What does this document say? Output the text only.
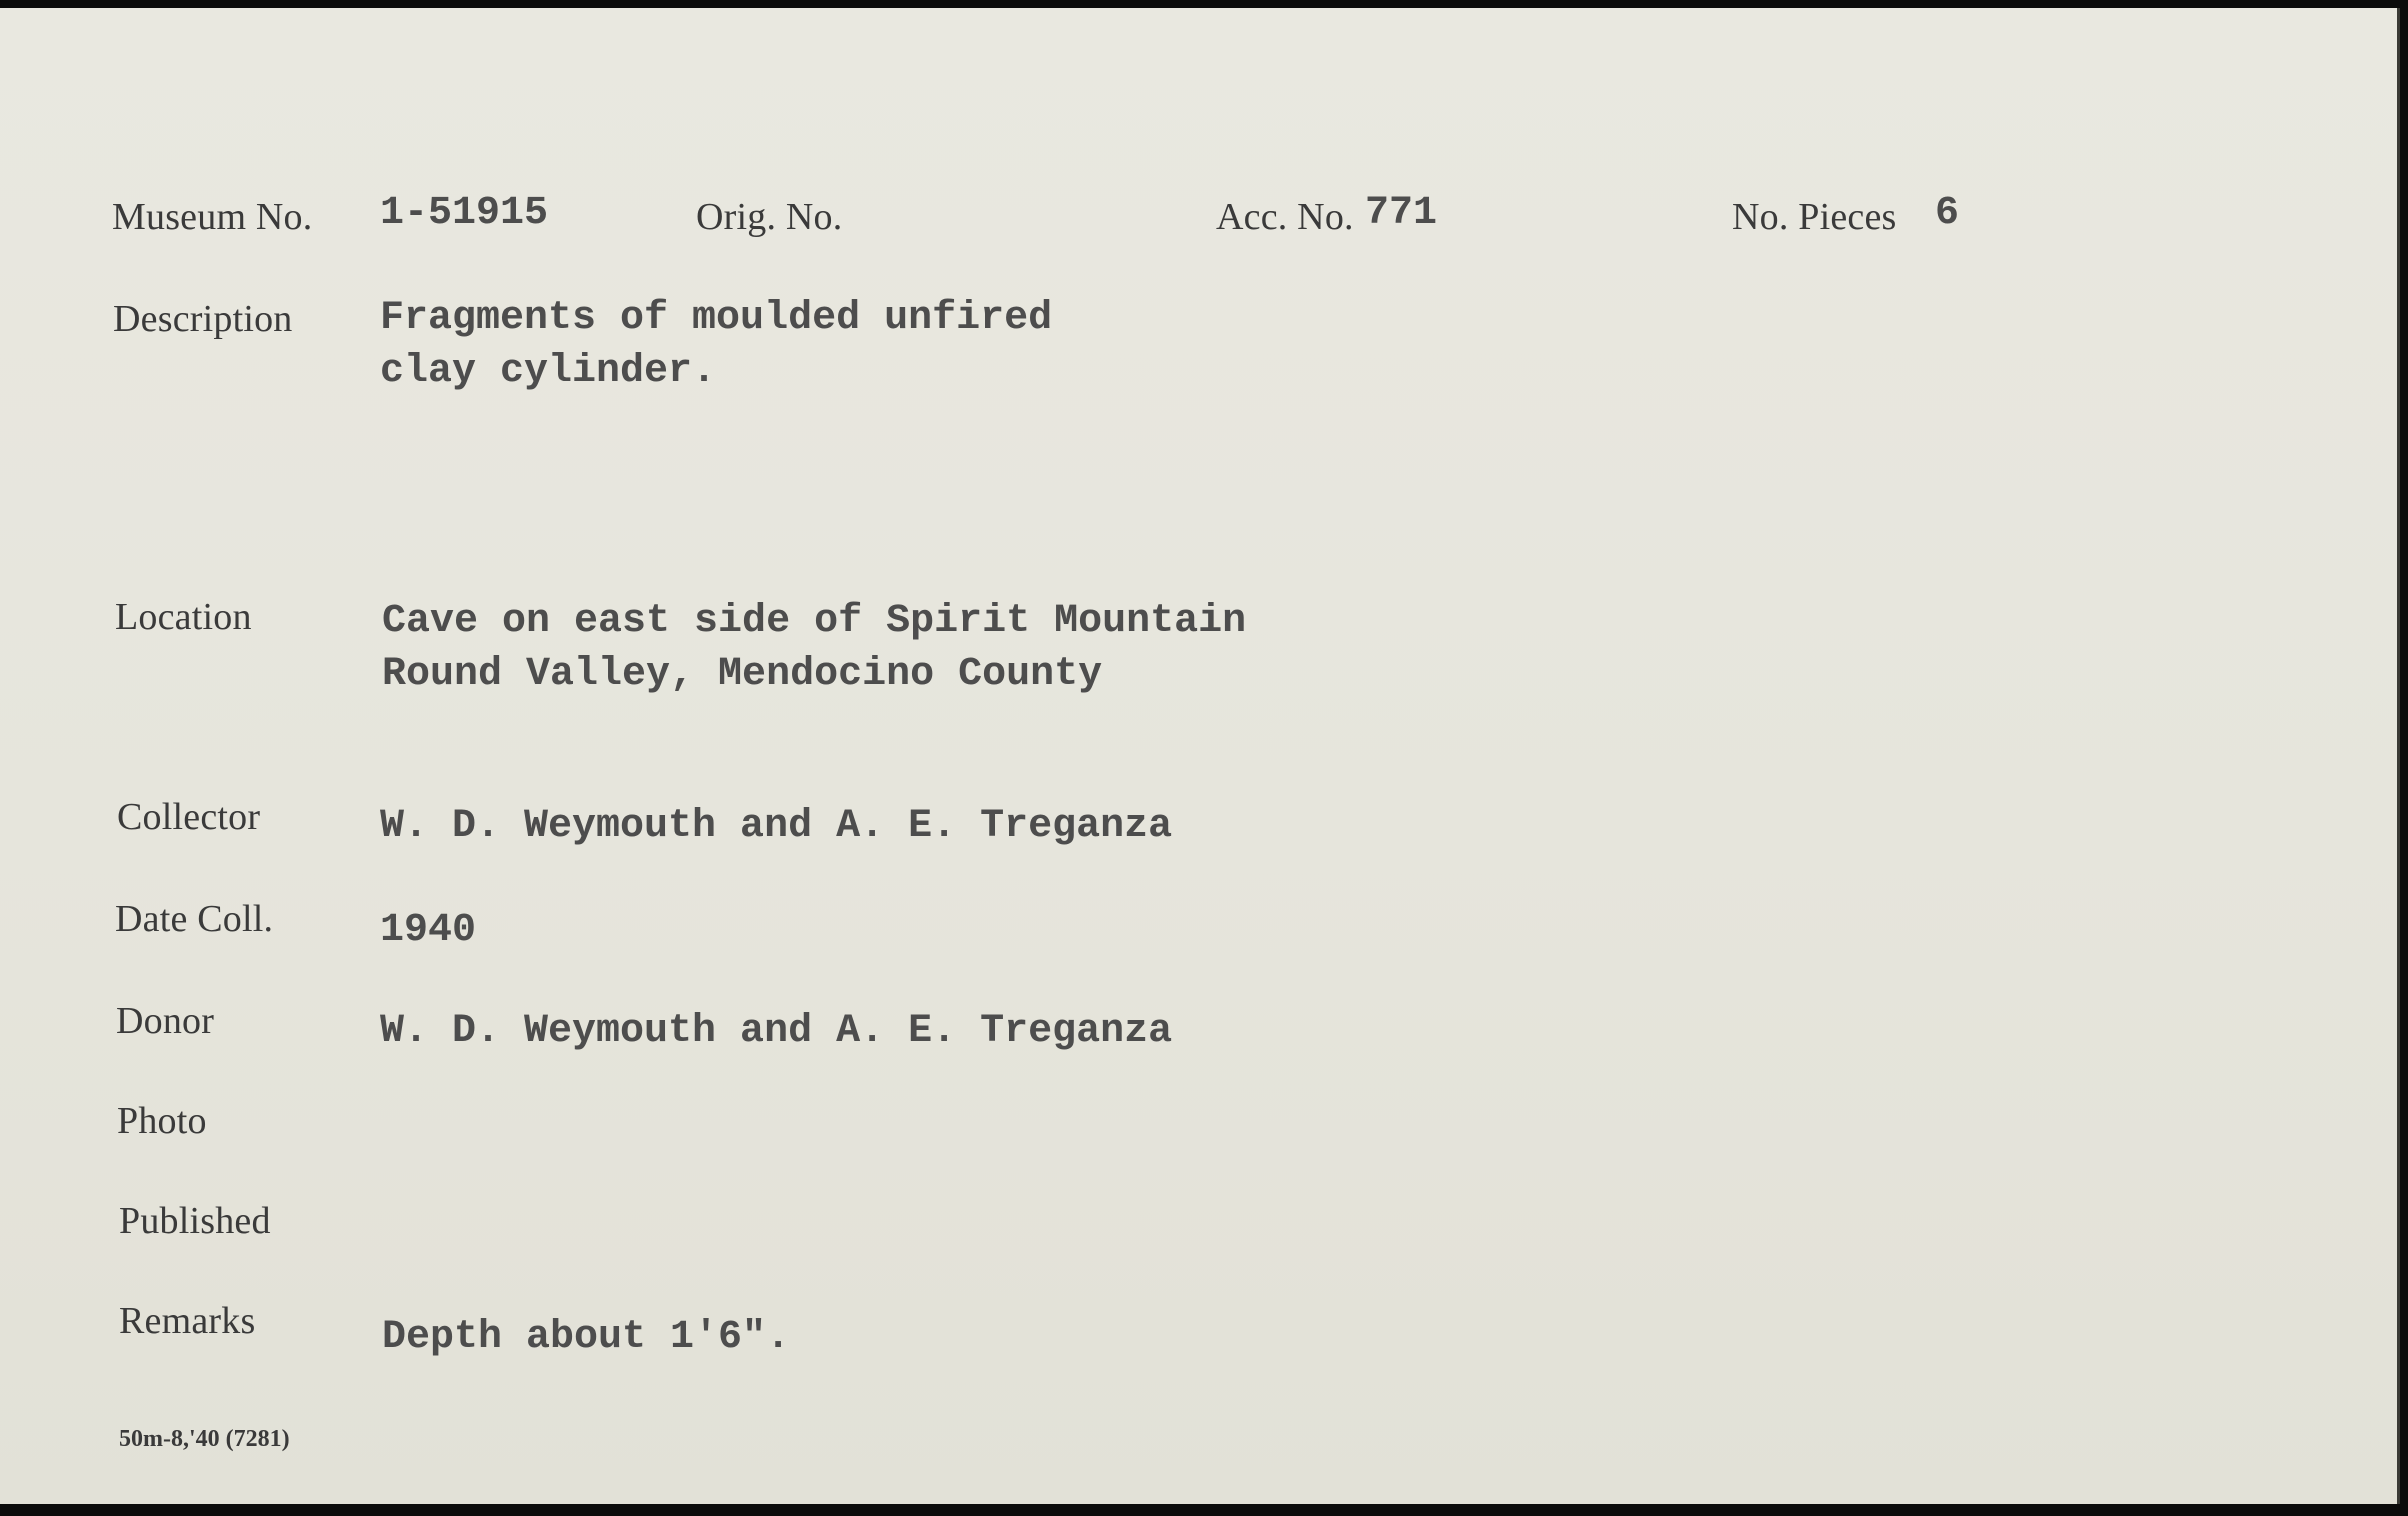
Museum No. 1-51915	Orig. No.	Acc. No. 771	No. Pieces 6
Description Fragments of moulded unfired
clay cylinder.
Location	Cave on east side of Spirit Mountain
Round Valley, Mendocino County
Collector	W. D. Weymouth and A. E. Treganza
Date Coll.	1940
Donor	W. D. Weymouth and A. E. Treganza
Photo
Published
Remarks	Depth about 1'6".
50m-8,'40 (7281)
